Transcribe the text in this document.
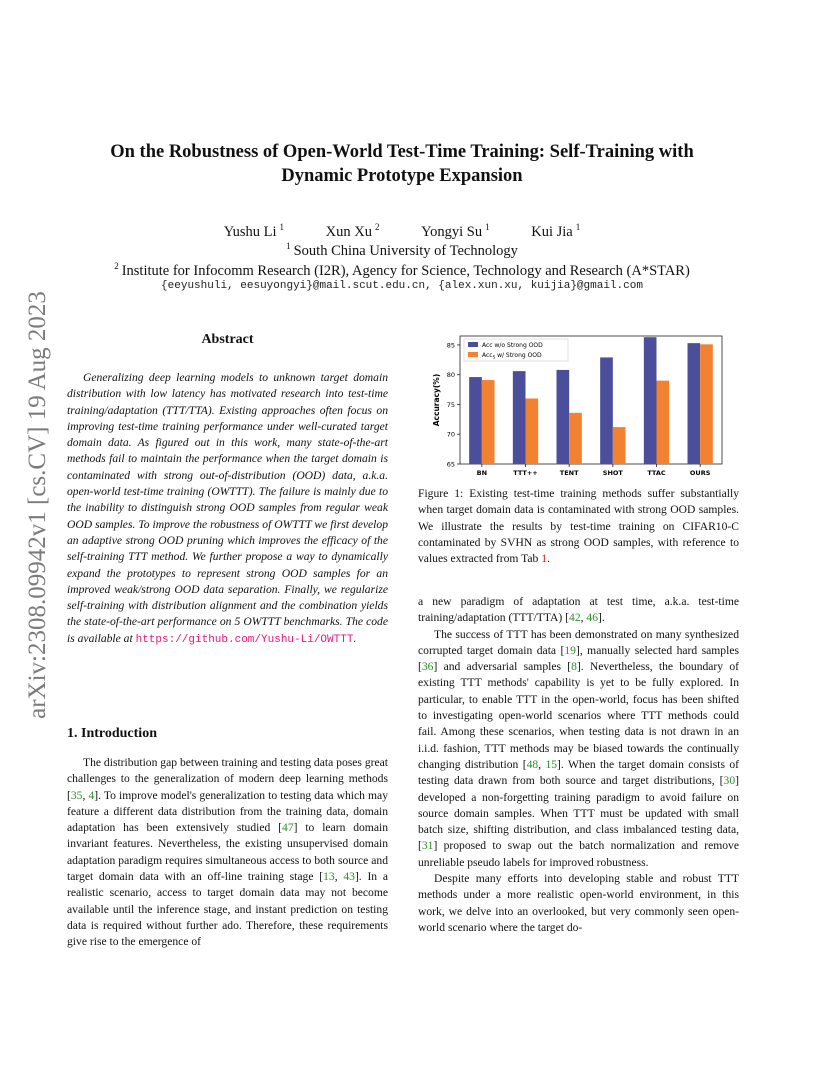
arXiv:2308.09942v1 [cs.CV] 19 Aug 2023
On the Robustness of Open-World Test-Time Training: Self-Training with
Dynamic Prototype Expansion
Yushu Li $^1$	Xun Xu $^2$	Yongyi Su $^1$	Kui Jia $^1$
$^1$ South China University of Technology
$^2$ Institute for Infocomm Research (I2R), Agency for Science, Technology and Research (A*STAR)
{eeyushuli, eesuyongyi}@mail.scut.edu.cn, {alex.xun.xu, kuijia}@gmail.com
Abstract

Generalizing deep learning models to unknown target domain distribution with low latency has motivated research into test-time training/adaptation (TTT/TTA). Existing approaches often focus on improving test-time training performance under well-curated target domain data. As figured out in this work, many state-of-the-art methods fail to maintain the performance when the target domain is contaminated with strong out-of-distribution (OOD) data, a.k.a. open-world test-time training (OWTTT). The failure is mainly due to the inability to distinguish strong OOD samples from regular weak OOD samples. To improve the robustness of OWTTT we first develop an adaptive strong OOD pruning which improves the efficacy of the self-training TTT method. We further propose a way to dynamically expand the prototypes to represent strong OOD samples for an improved weak/strong OOD data separation. Finally, we regularize self-training with distribution alignment and the combination yields the state-of-the-art performance on 5 OWTTT benchmarks. The code is available at https://github.com/Yushu-Li/OWTTT.

1. Introduction

The distribution gap between training and testing data poses great challenges to the generalization of modern deep learning methods [35, 4]. To improve model's generalization to testing data which may feature a different data distribution from the training data, domain adaptation has been extensively studied [47] to learn domain invariant features. Nevertheless, the existing unsupervised domain adaptation paradigm requires simultaneous access to both source and target domain data with an off-line training stage [13, 43]. In a realistic scenario, access to target domain data may not become available until the inference stage, and instant prediction on testing data is required without further ado. Therefore, these requirements give rise to the emergence of

65
70
75
80
85
BN	TTT++	TENT	SHOT	TTAC	OURS
Accuracy(%)
Acc w/o Strong OOD
Acc$_S$ w/ Strong OOD

Figure 1: Existing test-time training methods suffer substantially when target domain data is contaminated with strong OOD samples. We illustrate the results by test-time training on CIFAR10-C contaminated by SVHN as strong OOD samples, with reference to values extracted from Tab 1.

a new paradigm of adaptation at test time, a.k.a. test-time training/adaptation (TTT/TTA) [42, 46].

The success of TTT has been demonstrated on many synthesized corrupted target domain data [19], manually selected hard samples [36] and adversarial samples [8]. Nevertheless, the boundary of existing TTT methods' capability is yet to be fully explored. In particular, to enable TTT in the open-world, focus has been shifted to investigating open-world scenarios where TTT methods could fail. Among these scenarios, when testing data is not drawn in an i.i.d. fashion, TTT methods may be biased towards the continually changing distribution [48, 15]. When the target domain consists of testing data drawn from both source and target distributions, [30] developed a non-forgetting training paradigm to avoid failure on source domain samples. When TTT must be updated with small batch size, shifting distribution, and class imbalanced testing data, [31] proposed to swap out the batch normalization and remove unreliable pseudo labels for improved robustness.

Despite many efforts into developing stable and robust TTT methods under a more realistic open-world environment, in this work, we delve into an overlooked, but very commonly seen open-world scenario where the target do-
